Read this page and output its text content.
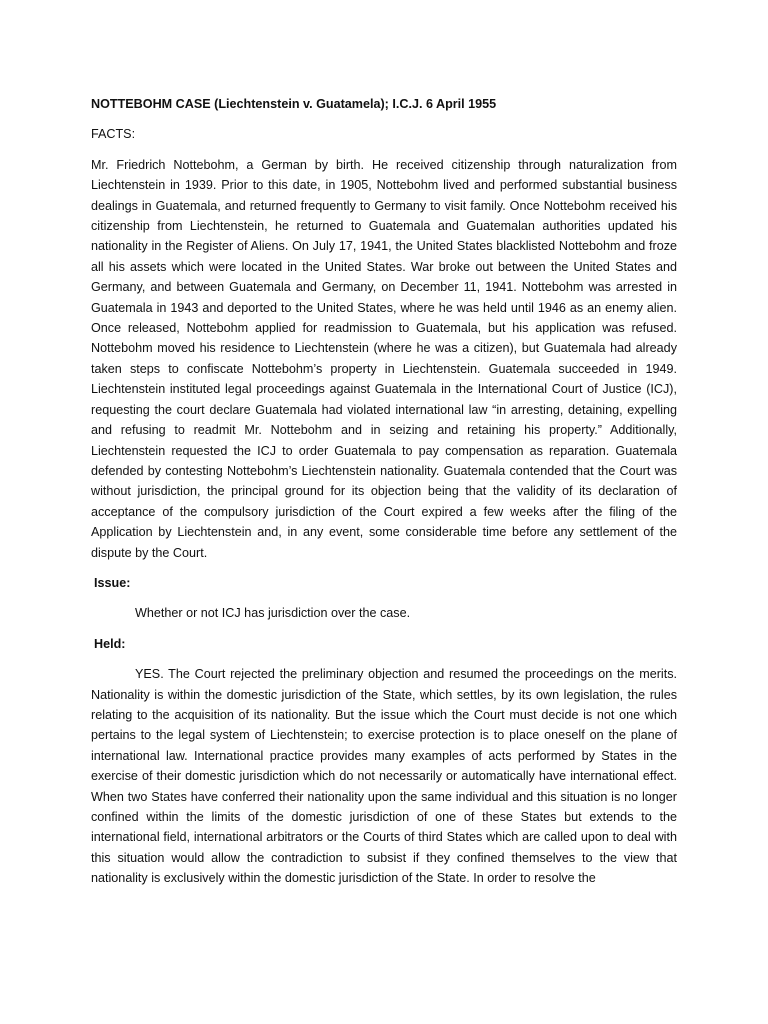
NOTTEBOHM CASE (Liechtenstein v. Guatamela); I.C.J. 6 April 1955

FACTS:

Mr. Friedrich Nottebohm, a German by birth. He received citizenship through naturalization from Liechtenstein in 1939. Prior to this date, in 1905, Nottebohm lived and performed substantial business dealings in Guatemala, and returned frequently to Germany to visit family. Once Nottebohm received his citizenship from Liechtenstein, he returned to Guatemala and Guatemalan authorities updated his nationality in the Register of Aliens. On July 17, 1941, the United States blacklisted Nottebohm and froze all his assets which were located in the United States. War broke out between the United States and Germany, and between Guatemala and Germany, on December 11, 1941. Nottebohm was arrested in Guatemala in 1943 and deported to the United States, where he was held until 1946 as an enemy alien. Once released, Nottebohm applied for readmission to Guatemala, but his application was refused. Nottebohm moved his residence to Liechtenstein (where he was a citizen), but Guatemala had already taken steps to confiscate Nottebohm’s property in Liechtenstein. Guatemala succeeded in 1949. Liechtenstein instituted legal proceedings against Guatemala in the International Court of Justice (ICJ), requesting the court declare Guatemala had violated international law “in arresting, detaining, expelling and refusing to readmit Mr. Nottebohm and in seizing and retaining his property.” Additionally, Liechtenstein requested the ICJ to order Guatemala to pay compensation as reparation. Guatemala defended by contesting Nottebohm’s Liechtenstein nationality. Guatemala contended that the Court was without jurisdiction, the principal ground for its objection being that the validity of its declaration of acceptance of the compulsory jurisdiction of the Court expired a few weeks after the filing of the Application by Liechtenstein and, in any event, some considerable time before any settlement of the dispute by the Court.

Issue:

Whether or not ICJ has jurisdiction over the case.

Held:

YES. The Court rejected the preliminary objection and resumed the proceedings on the merits. Nationality is within the domestic jurisdiction of the State, which settles, by its own legislation, the rules relating to the acquisition of its nationality. But the issue which the Court must decide is not one which pertains to the legal system of Liechtenstein; to exercise protection is to place oneself on the plane of international law. International practice provides many examples of acts performed by States in the exercise of their domestic jurisdiction which do not necessarily or automatically have international effect. When two States have conferred their nationality upon the same individual and this situation is no longer confined within the limits of the domestic jurisdiction of one of these States but extends to the international field, international arbitrators or the Courts of third States which are called upon to deal with this situation would allow the contradiction to subsist if they confined themselves to the view that nationality is exclusively within the domestic jurisdiction of the State. In order to resolve the
